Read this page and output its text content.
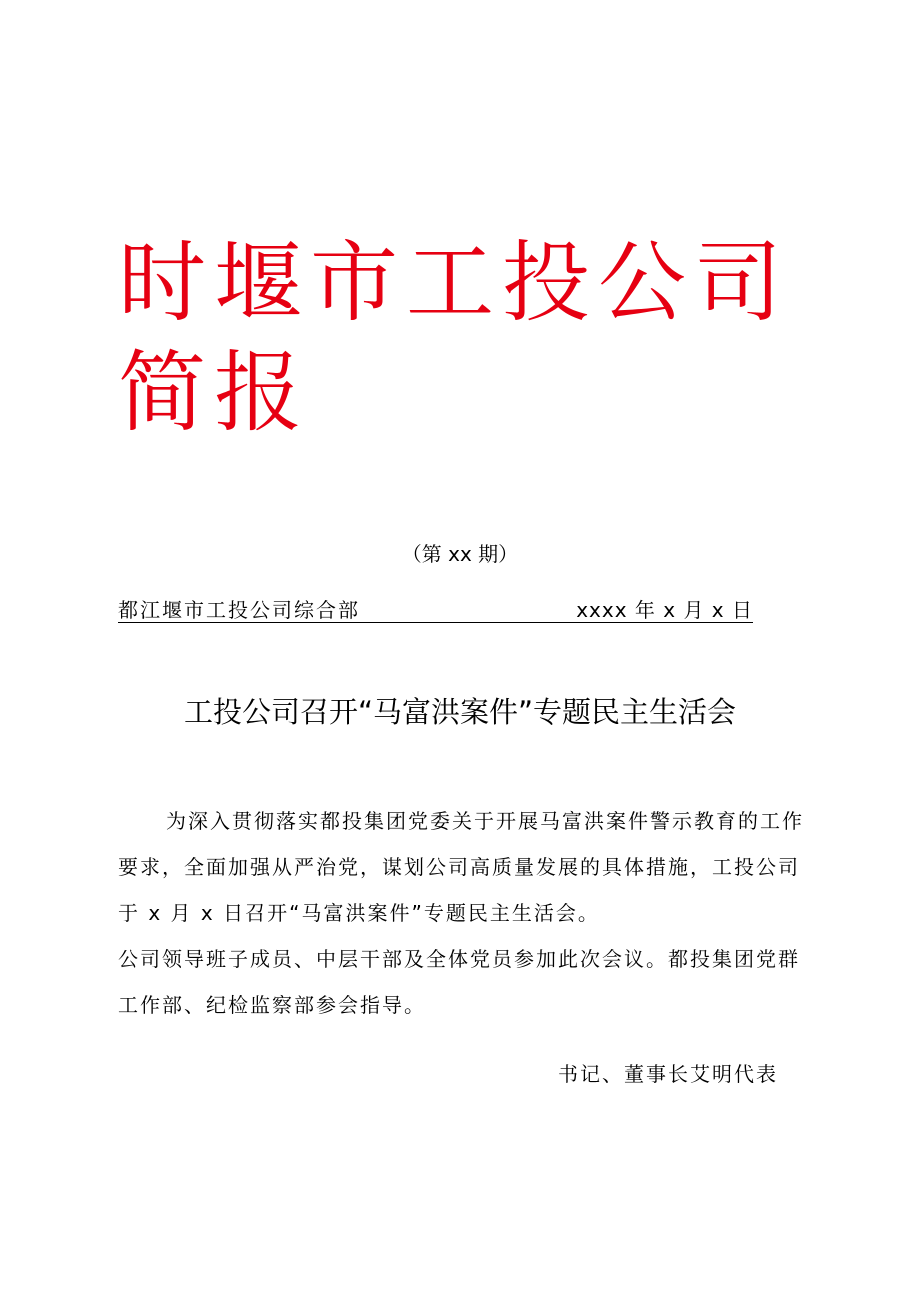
时堰市工投公司
简报
（第 xx 期）
都江堰市工投公司综合部	xxxx 年 x 月 x 日
工投公司召开“马富洪案件”专题民主生活会

为深入贯彻落实都投集团党委关于开展马富洪案件警示教育的工作要求，全面加强从严治党，谋划公司高质量发展的具体措施，工投公司于 x 月 x 日召开“马富洪案件”专题民主生活会。

公司领导班子成员、中层干部及全体党员参加此次会议。都投集团党群工作部、纪检监察部参会指导。

书记、董事长艾明代表
